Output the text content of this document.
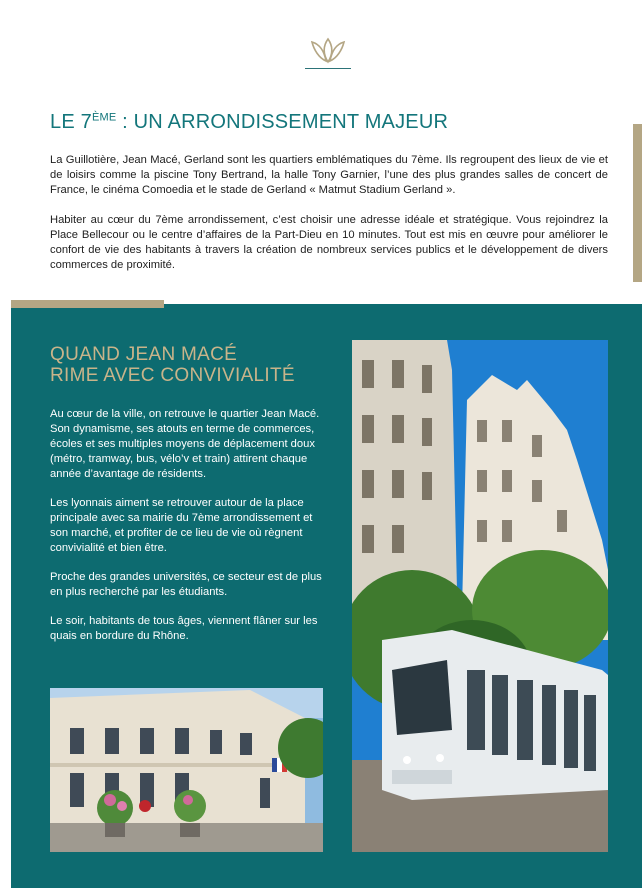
LE 7ÈME : UN ARRONDISSEMENT MAJEUR

La Guillotière, Jean Macé, Gerland sont les quartiers emblématiques du 7ème. Ils regroupent des lieux de vie et de loisirs comme la piscine Tony Bertrand, la halle Tony Garnier, l’une des plus grandes salles de concert de France, le cinéma Comoedia et le stade de Gerland « Matmut Stadium Gerland ».

Habiter au cœur du 7ème arrondissement, c’est choisir une adresse idéale et stratégique. Vous rejoindrez la Place Bellecour ou le centre d’affaires de la Part-Dieu en 10 minutes. Tout est mis en œuvre pour améliorer le confort de vie des habitants à travers la création de nombreux services publics et le développement de divers commerces de proximité.

QUAND JEAN MACÉ
RIME AVEC CONVIVIALITÉ

Au cœur de la ville, on retrouve le quartier Jean Macé. Son dynamisme, ses atouts en terme de commerces, écoles et ses multiples moyens de déplacement doux (métro, tramway, bus, vélo’v et train) attirent chaque année d’avantage de résidents.

Les lyonnais aiment se retrouver autour de la place principale avec sa mairie du 7ème arrondissement et son marché, et profiter de ce lieu de vie où règnent convivialité et bien être.

Proche des grandes universités, ce secteur est de plus en plus recherché par les étudiants.

Le soir, habitants de tous âges, viennent flâner sur les quais en bordure du Rhône.
